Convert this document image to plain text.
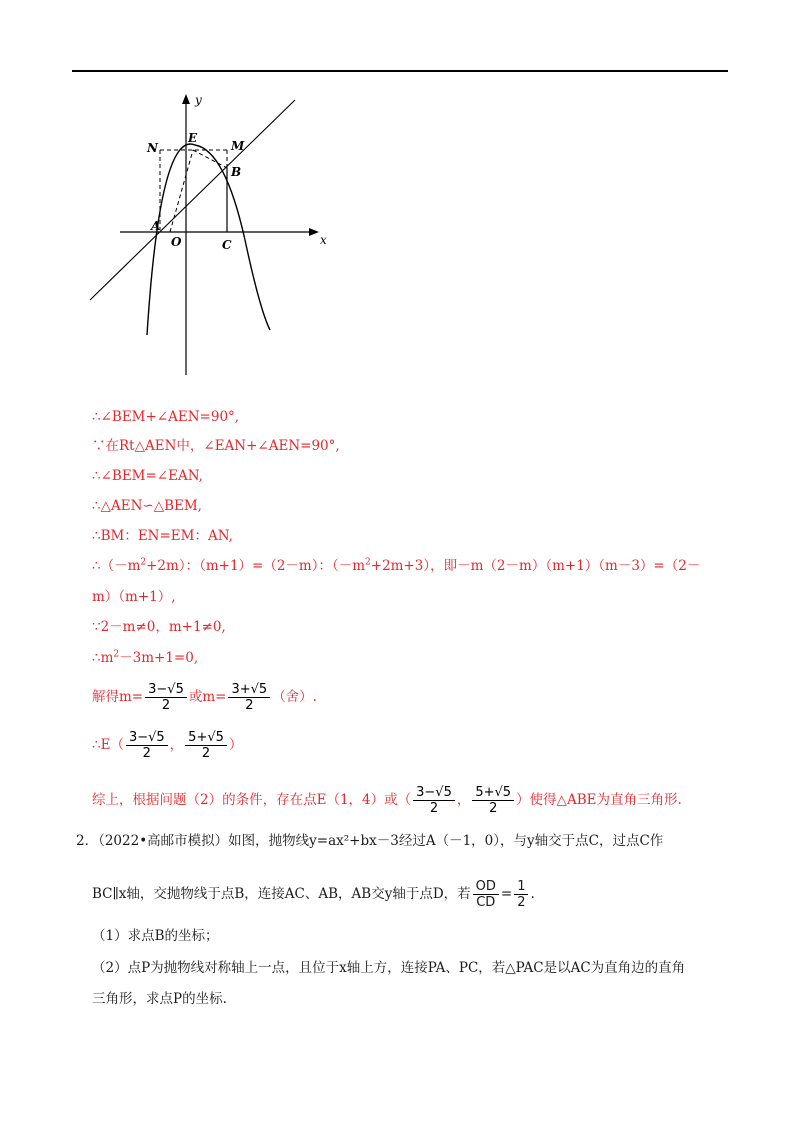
y
x
N
E
M
B
A
O	C
∴∠BEM+∠AEN=90°,
∵在Rt△AEN中，∠EAN+∠AEN=90°,
∴∠BEM=∠EAN,
∴△AEN∽△BEM,
∴BM：EN=EM：AN,
$\therefore(-m^2+2m)$：（m+1）=（2－m）：$(-m^2+2m+3)$，即－m（2－m）（m+1）（m－3）=（2－
m）（m+1）,
∵2－m≠0，m+1≠0,
$\therefore m^2-3m+1=0$,
解得$m= \frac{3-√5}{2}$ 或$m= \frac{3+√5}{2}$ （舍）.
∴E（ $\frac{3-√5}{2}$ ， $\frac{5+√5}{2}$ ）
综上，根据问题（2）的条件，存在点E（1，4）或（ $\frac{3-√5}{2}$ ， $\frac{5+√5}{2}$ ）使得△ABE为直角三角形.
2．（2022•高邮市模拟）如图，抛物线y=ax²+bx－3经过A（－1，0），与y轴交于点C，过点C作
BC∥x轴，交抛物线于点B，连接AC、AB，AB交y轴于点D，若 $\frac{OD}{CD} = \frac{1}{2}$ .
（1）求点B的坐标；
（2）点P为抛物线对称轴上一点，且位于x轴上方，连接PA、PC，若△PAC是以AC为直角边的直角
三角形，求点P的坐标.
